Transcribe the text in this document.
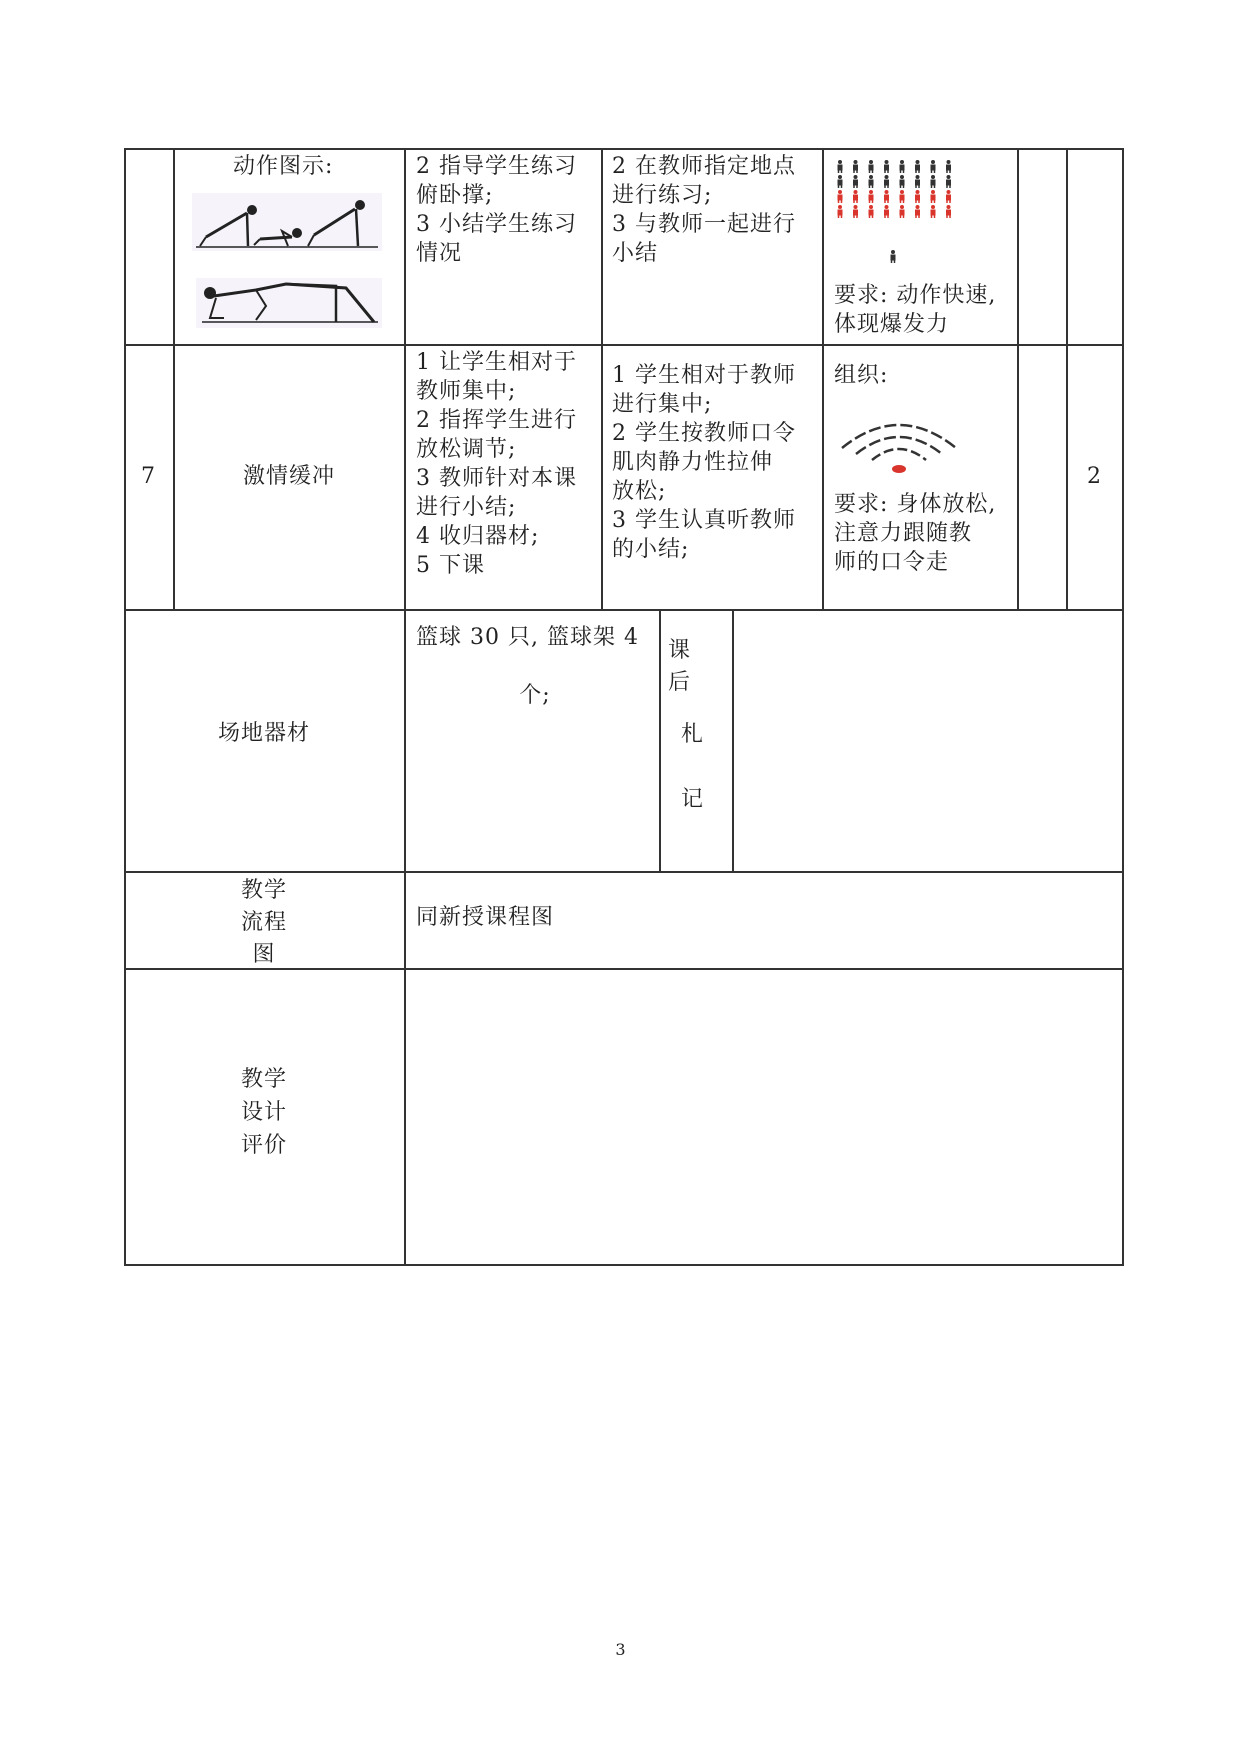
动作图示:	2 指导学生练习
俯卧撑;
3 小结学生练习
情况
2 在教师指定地点
进行练习;
3 与教师一起进行
小结
要求: 动作快速,
体现爆发力
7	激情缓冲
1 让学生相对于
教师集中;
2 指挥学生进行
放松调节;
3 教师针对本课
进行小结;
4 收归器材;
5 下课
1 学生相对于教师
进行集中;
2 学生按教师口令
肌肉静力性拉伸
放松;
3 学生认真听教师
的小结;
组织:
要求: 身体放松,
注意力跟随教
师的口令走
2
场地器材
篮球 30 只, 篮球架 4
个;
课
后
札
记
教学
流程
图
同新授课程图
教学
设计
评价
3
